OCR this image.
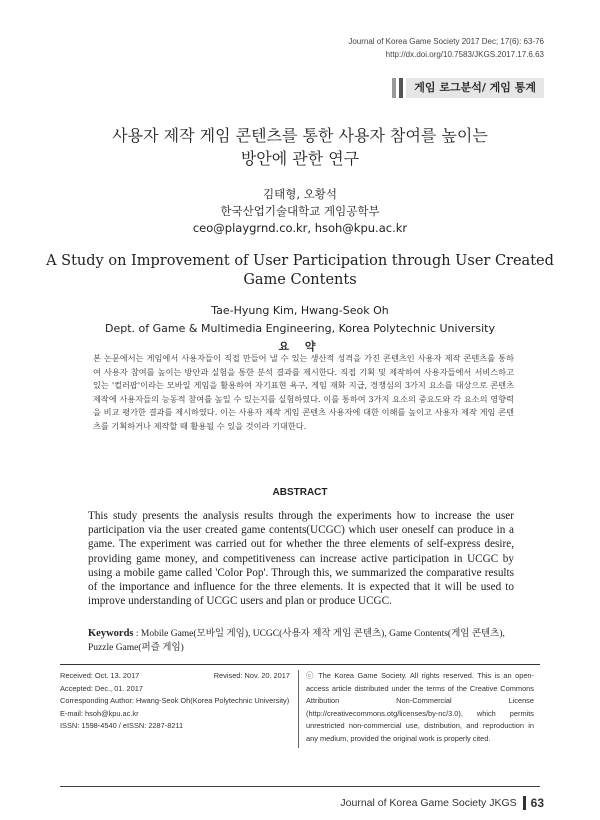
Journal of Korea Game Society 2017 Dec; 17(6): 63-76
http://dx.doi.org/10.7583/JKGS.2017.17.6.63
게임 로그분석/ 게임 통계
사용자 제작 게임 콘텐츠를 통한 사용자 참여를 높이는
방안에 관한 연구
김태형, 오황석
한국산업기술대학교 게임공학부
ceo@playgrnd.co.kr, hsoh@kpu.ac.kr
A Study on Improvement of User Participation through User Created
Game Contents
Tae-Hyung Kim, Hwang-Seok Oh
Dept. of Game & Multimedia Engineering, Korea Polytechnic University
요 약
본 논문에서는 게임에서 사용자들이 직접 만들어 낼 수 있는 생산적 성격을 가진 콘텐츠인 사용자 제작 콘텐츠를 통하여 사용자 참여를 높이는 방안과 실험을 통한 분석 결과를 제시한다. 직접 기획 및 제작하여 사용자들에서 서비스하고 있는 '컬러팝'이라는 모바일 게임을 활용하여 자기표현 욕구, 게임 재화 지급, 경쟁심의 3가지 요소를 대상으로 콘텐츠 제작에 사용자들의 능동적 참여를 높일 수 있는지를 실험하였다. 이를 통하여 3가지 요소의 중요도와 각 요소의 영향력을 비교 평가한 결과를 제시하였다. 이는 사용자 제작 게임 콘텐츠 사용자에 대한 이해를 높이고 사용자 제작 게임 콘텐츠를 기획하거나 제작할 때 활용될 수 있을 것이라 기대한다.
ABSTRACT
This study presents the analysis results through the experiments how to increase the user participation via the user created game contents(UCGC) which user oneself can produce in a game. The experiment was carried out for whether the three elements of self-express desire, providing game money, and competitiveness can increase active participation in UCGC by using a mobile game called 'Color Pop'. Through this, we summarized the comparative results of the importance and influence for the three elements. It is expected that it will be used to improve understanding of UCGC users and plan or produce UCGC.
Keywords : Mobile Game(모바일 게임), UCGC(사용자 제작 게임 콘텐츠), Game Contents(게임 콘텐츠), Puzzle Game(퍼즐 게임)
Received: Oct. 13. 2017	Revised: Nov. 20. 2017
Accepted: Dec., 01. 2017
Corresponding Author: Hwang-Seok Oh(Korea Polytechnic University)
E-mail: hsoh@kpu.ac.kr
ISSN: 1598-4540 / eISSN: 2287-8211
ⓒ The Korea Game Society. All rights reserved. This is an open-access article distributed under the terms of the Creative Commons Attribution Non-Commercial License (http://creativecommons.otg/licenses/by-nc/3.0), which permits unrestricted non-commercial use, distribution, and reproduction in any medium, provided the original work is properly cited.
Journal of Korea Game Society JKGS 63
